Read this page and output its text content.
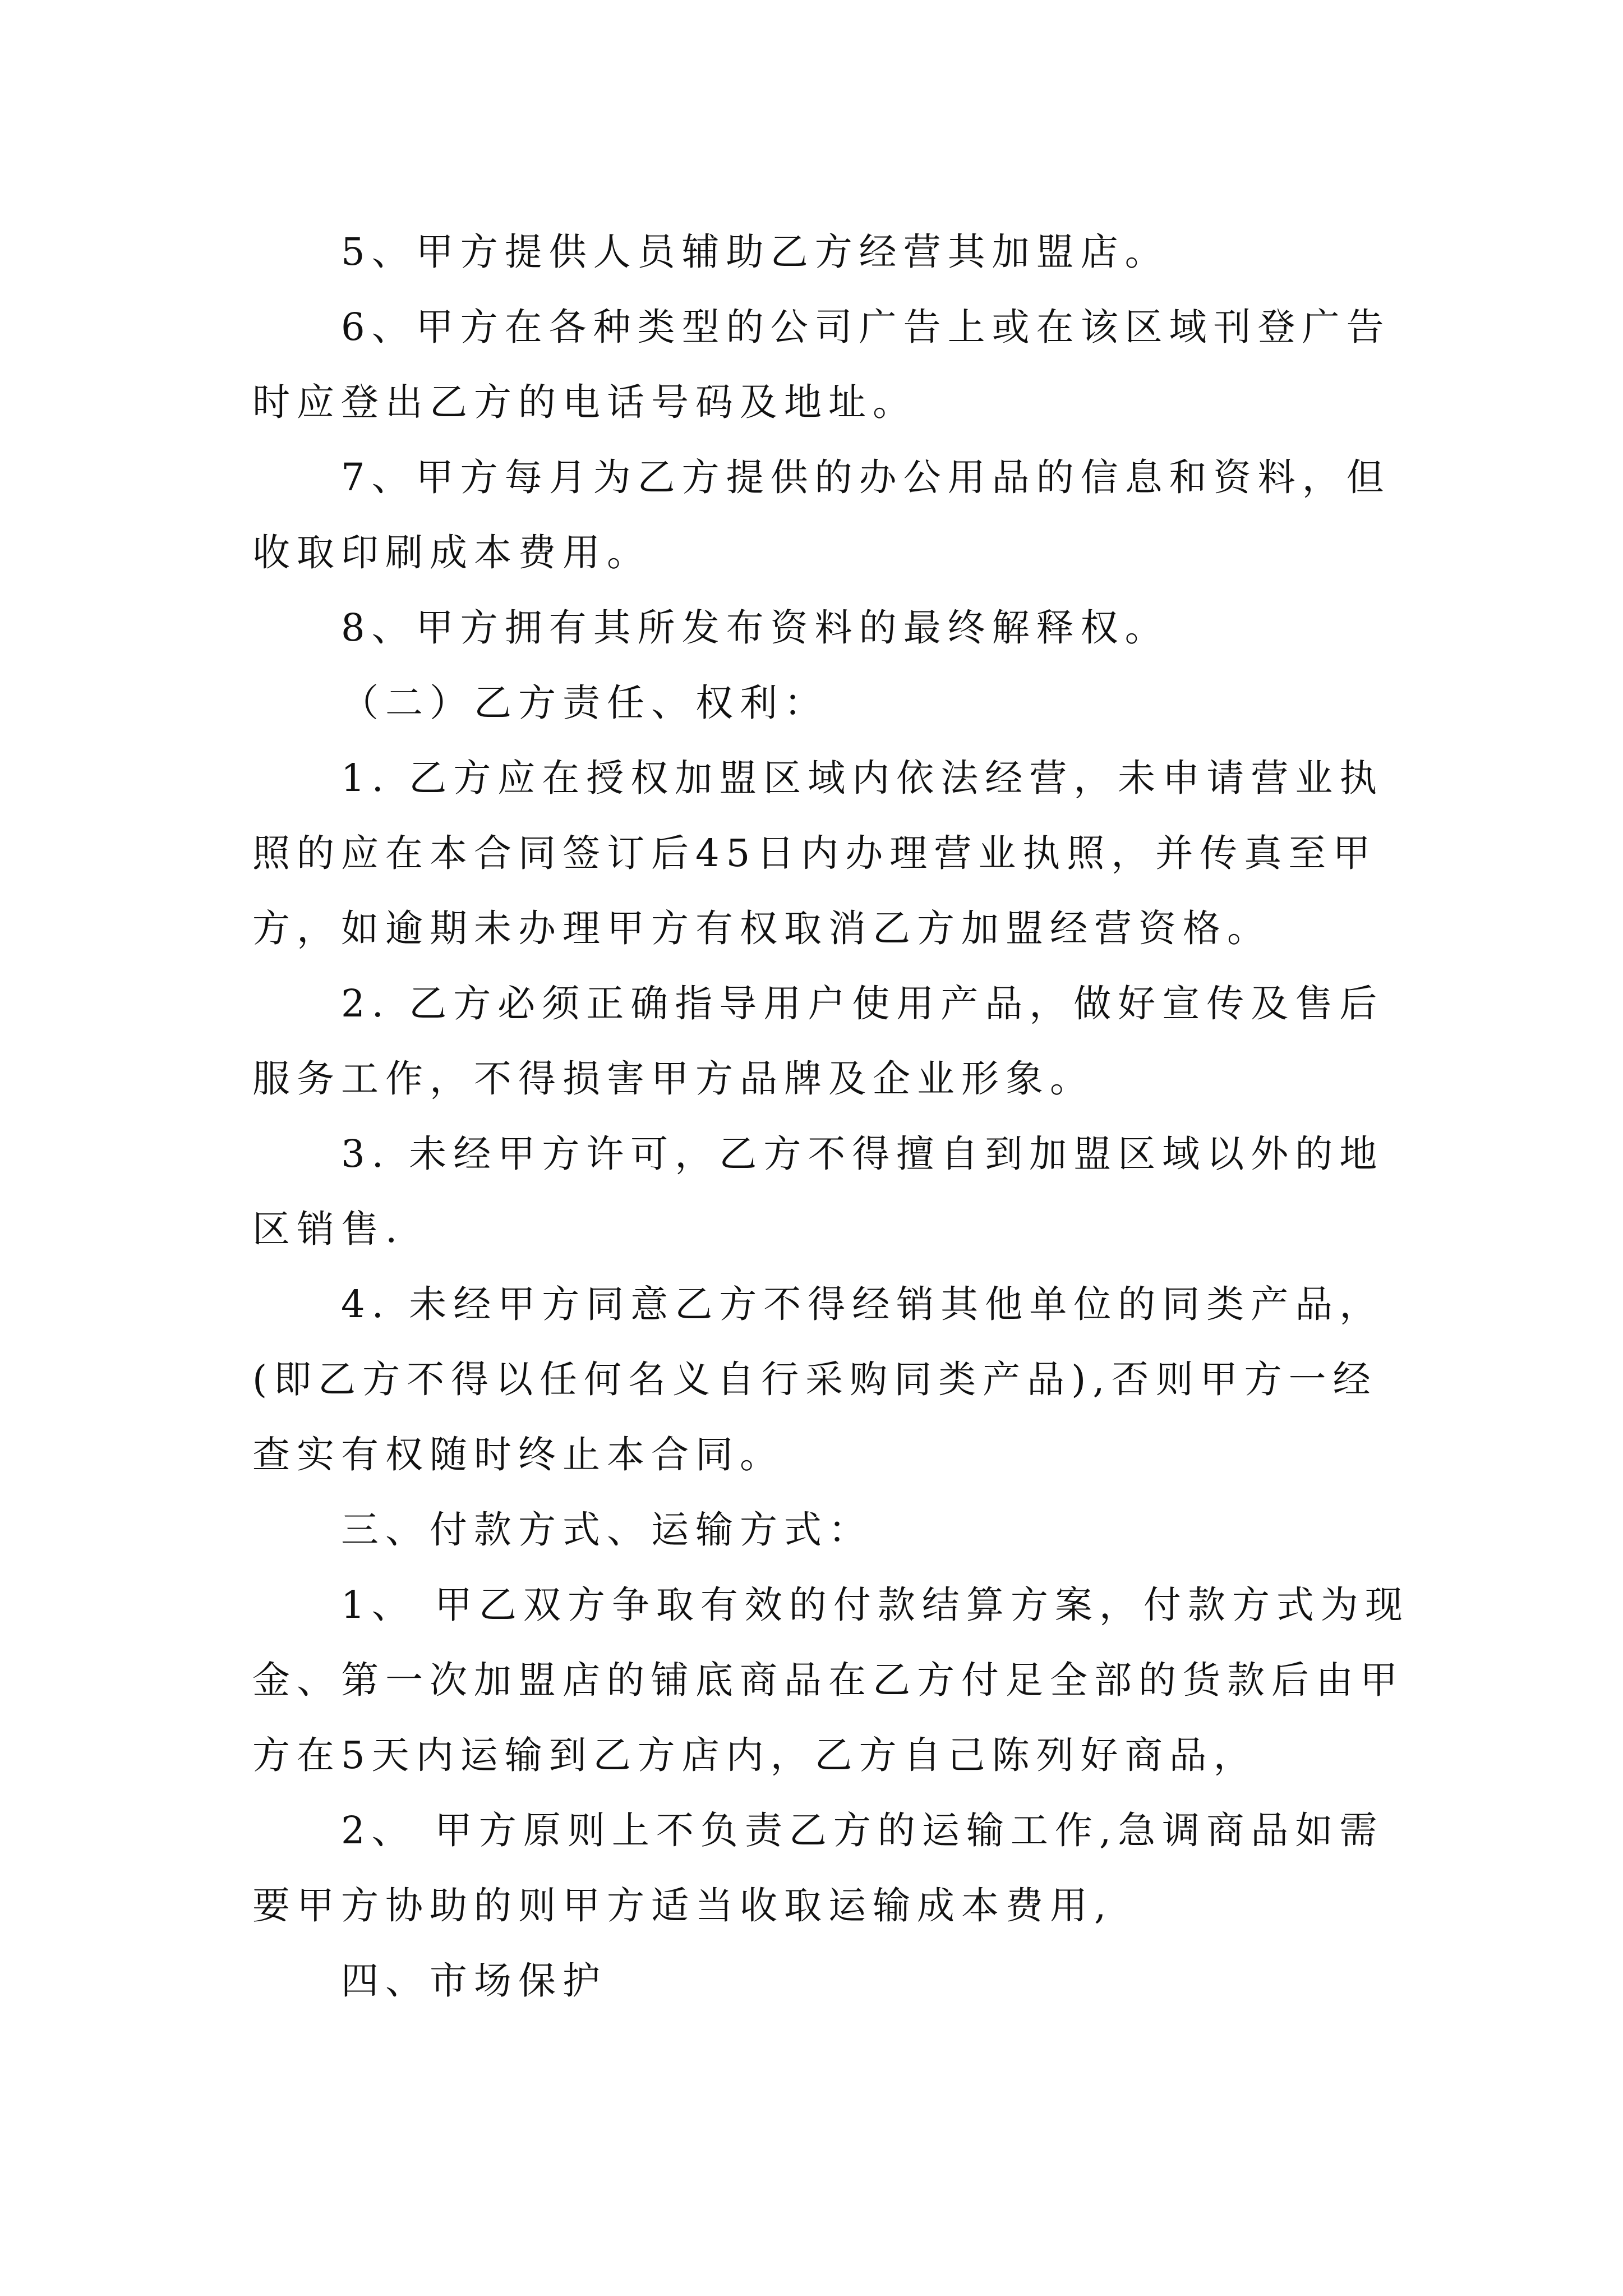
5、甲方提供人员辅助乙方经营其加盟店。

6、甲方在各种类型的公司广告上或在该区域刊登广告
时应登出乙方的电话号码及地址。

7、甲方每月为乙方提供的办公用品的信息和资料，但
收取印刷成本费用。

8、甲方拥有其所发布资料的最终解释权。

（二）乙方责任、权利：

1. 乙方应在授权加盟区域内依法经营，未申请营业执
照的应在本合同签订后45日内办理营业执照，并传真至甲
方，如逾期未办理甲方有权取消乙方加盟经营资格。

2. 乙方必须正确指导用户使用产品，做好宣传及售后
服务工作，不得损害甲方品牌及企业形象。

3. 未经甲方许可，乙方不得擅自到加盟区域以外的地
区销售.

4. 未经甲方同意乙方不得经销其他单位的同类产品，
(即乙方不得以任何名义自行采购同类产品),否则甲方一经
查实有权随时终止本合同。

三、付款方式、运输方式：

1、 甲乙双方争取有效的付款结算方案，付款方式为现
金、第一次加盟店的铺底商品在乙方付足全部的货款后由甲
方在5天内运输到乙方店内，乙方自己陈列好商品，

2、 甲方原则上不负责乙方的运输工作,急调商品如需
要甲方协助的则甲方适当收取运输成本费用,

四、市场保护
